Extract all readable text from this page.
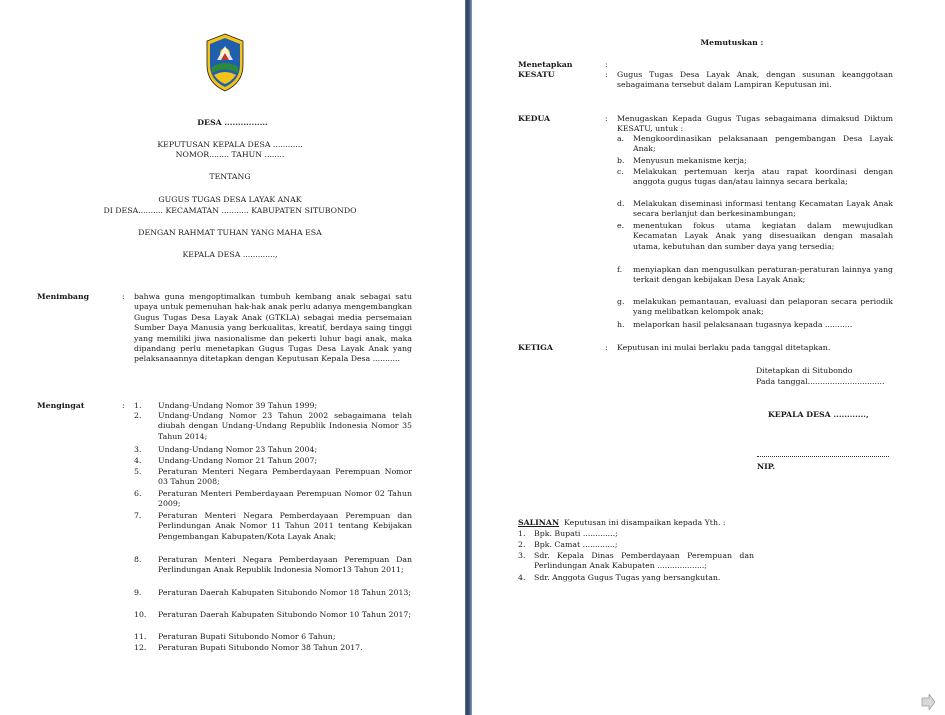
DESA ................
KEPUTUSAN KEPALA DESA ............
NOMOR........ TAHUN ........
TENTANG
GUGUS TUGAS DESA LAYAK ANAK
DI DESA.......... KECAMATAN ........... KABUPATEN SITUBONDO
DENGAN RAHMAT TUHAN YANG MAHA ESA
KEPALA DESA .............,
Menimbang	: bahwa guna mengoptimalkan tumbuh kembang anak sebagai satu upaya untuk pemenuhan hak-hak anak perlu adanya mengembangkan Gugus Tugas Desa Layak Anak (GTKLA) sebagai media persemaian Sumber Daya Manusia yang berkualitas, kreatif, berdaya saing tinggi yang memiliki jiwa nasionalisme dan pekerti luhur bagi anak, maka dipandang perlu menetapkan Gugus Tugas Desa Layak Anak yang pelaksanaannya ditetapkan dengan Keputusan Kepala Desa ...........
Mengingat	: 1. Undang-Undang Nomor 39 Tahun 1999;
2. Undang-Undang Nomor 23 Tahun 2002 sebagaimana telah diubah dengan Undang-Undang Republik Indonesia Nomor 35 Tahun 2014;
3. Undang-Undang Nomor 23 Tahun 2004;
4. Undang-Undang Nomor 21 Tahun 2007;
5. Peraturan Menteri Negara Pemberdayaan Perempuan Nomor 03 Tahun 2008;
6. Peraturan Menteri Pemberdayaan Perempuan Nomor 02 Tahun 2009;
7. Peraturan Menteri Negara Pemberdayaan Perempuan dan Perlindungan Anak Nomor 11 Tahun 2011 tentang Kebijakan Pengembangan Kabupaten/Kota Layak Anak;
8. Peraturan Menteri Negara Pemberdayaan Perempuan Dan Perlindungan Anak Republik Indonesia Nomor13 Tahun 2011;
9. Peraturan Daerah Kabupaten Situbondo Nomor 18 Tahun 2013;
10. Peraturan Daerah Kabupaten Situbondo Nomor 10 Tahun 2017;
11. Peraturan Bupati Situbondo Nomor 6 Tahun;
12. Peraturan Bupati Situbondo Nomor 38 Tahun 2017.
Memutuskan :
Menetapkan	:
KESATU	: Gugus Tugas Desa Layak Anak, dengan susunan keanggotaan sebagaimana tersebut dalam Lampiran Keputusan ini.
KEDUA	: Menugaskan Kepada Gugus Tugas sebagaimana dimaksud Diktum KESATU, untuk :
a. Mengkoordinasikan pelaksanaan pengembangan Desa Layak Anak;
b. Menyusun mekanisme kerja;
c. Melakukan pertemuan kerja atau rapat koordinasi dengan anggota gugus tugas dan/atau lainnya secara berkala;
d. Melakukan diseminasi informasi tentang Kecamatan Layak Anak secara berlanjut dan berkesinambungan;
e. menentukan fokus utama kegiatan dalam mewujudkan Kecamatan Layak Anak yang disesuaikan dengan masalah utama, kebutuhan dan sumber daya yang tersedia;
f. menyiapkan dan mengusulkan peraturan-peraturan lainnya yang terkait dengan kebijakan Desa Layak Anak;
g. melakukan pemantauan, evaluasi dan pelaporan secara periodik yang melibatkan kelompok anak;
h. melaporkan hasil pelaksanaan tugasnya kepada ...........
KETIGA	: Keputusan ini mulai berlaku pada tanggal ditetapkan.
Ditetapkan di Situbondo
Pada tanggal...............................
KEPALA DESA ............,
NIP.
SALINAN Keputusan ini disampaikan kepada Yth. :
1. Bpk. Bupati .............;
2. Bpk. Camat .............;
3. Sdr. Kepala Dinas Pemberdayaan Perempuan dan Perlindungan Anak Kabupaten ...................;
4. Sdr. Anggota Gugus Tugas yang bersangkutan.
